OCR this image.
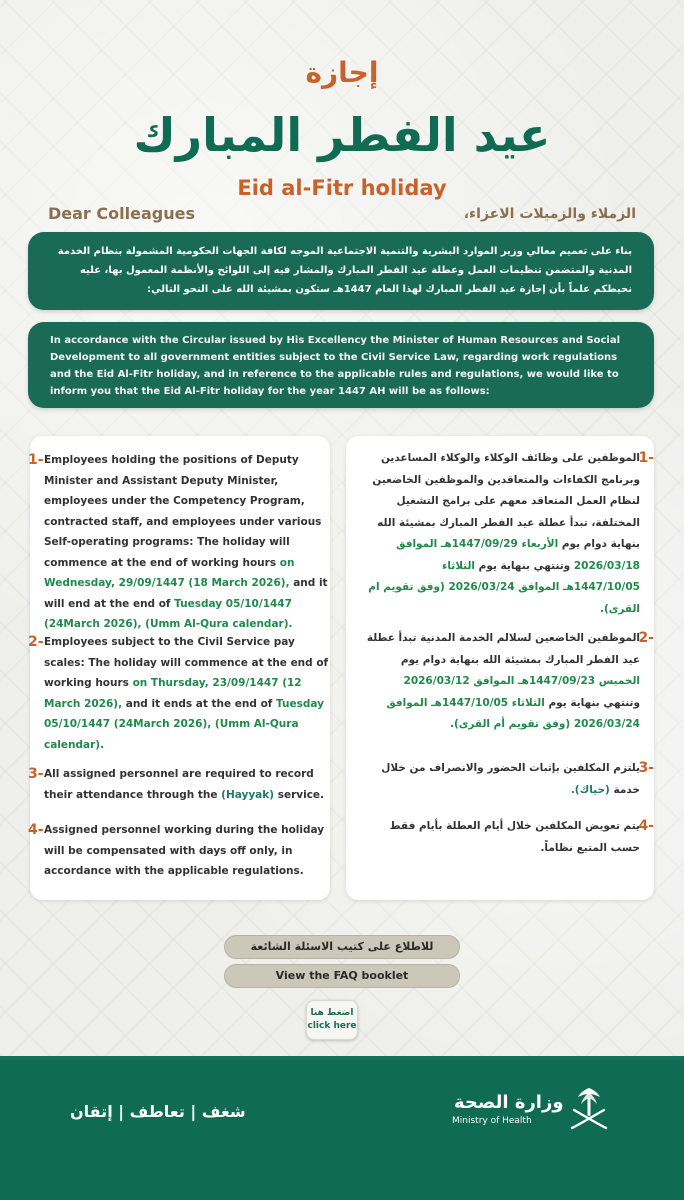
إجازة
عيد الفطر المبارك
Eid al-Fitr holiday
Dear Colleagues	الزملاء والزميلات الاعزاء،
بناء على تعميم معالي وزير الموارد البشرية والتنمية الاجتماعية الموجه لكافة الجهات الحكومية المشمولة بنظام الخدمة المدنية والمتضمن تنظيمات العمل وعطلة عيد الفطر المبارك والمشار فيه إلى اللوائح والأنظمة المعمول بها، عليه نحيطكم علماً بأن إجازة عيد الفطر المبارك لهذا العام 1447هـ ستكون بمشيئة الله على النحو التالي:
In accordance with the Circular issued by His Excellency the Minister of Human Resources and Social Development to all government entities subject to the Civil Service Law, regarding work regulations and the Eid Al-Fitr holiday, and in reference to the applicable rules and regulations, we would like to inform you that the Eid Al-Fitr holiday for the year 1447 AH will be as follows:
1- Employees holding the positions of Deputy Minister and Assistant Deputy Minister, employees under the Competency Program, contracted staff, and employees under various Self-operating programs: The holiday will commence at the end of working hours on Wednesday, 29/09/1447 (18 March 2026), and it will end at the end of Tuesday 05/10/1447 (24March 2026), (Umm Al-Qura calendar).
2- Employees subject to the Civil Service pay scales: The holiday will commence at the end of working hours on Thursday, 23/09/1447 (12 March 2026), and it ends at the end of Tuesday 05/10/1447 (24March 2026), (Umm Al-Qura calendar).
3- All assigned personnel are required to record their attendance through the (Hayyak) service.
4- Assigned personnel working during the holiday will be compensated with days off only, in accordance with the applicable regulations.
1-
الموظفين على وظائف الوكلاء والوكلاء المساعدين وبرنامج الكفاءات والمتعاقدين والموظفين الخاضعين لنظام العمل المتعاقد معهم على برامج التشغيل المختلفة، تبدأ عطلة عيد الفطر المبارك بمشيئة الله بنهاية دوام يوم الأربعاء 1447/09/29هـ الموافق 2026/03/18 وتنتهي بنهاية يوم الثلاثاء 1447/10/05هـ الموافق 2026/03/24 (وفق تقويم ام القرى).
2-
الموظفين الخاضعين لسلالم الخدمة المدنية تبدأ عطلة عيد الفطر المبارك بمشيئة الله بنهاية دوام يوم الخميس 1447/09/23هـ الموافق 2026/03/12 وتنتهي بنهاية يوم الثلاثاء 1447/10/05هـ الموافق 2026/03/24 (وفق تقويم أم القرى).
3-
يلتزم المكلفين بإثبات الحضور والانصراف من خلال خدمة (حياك).
4-
يتم تعويض المكلفين خلال أيام العطلة بأيام فقط حسب المتبع نظاماً.
للاطلاع على كتيب الاسئلة الشائعة
View the FAQ booklet
اضغط هنا
click here
شغف | تعاطف | إتقان	وزارة الصحة
Ministry of Health
